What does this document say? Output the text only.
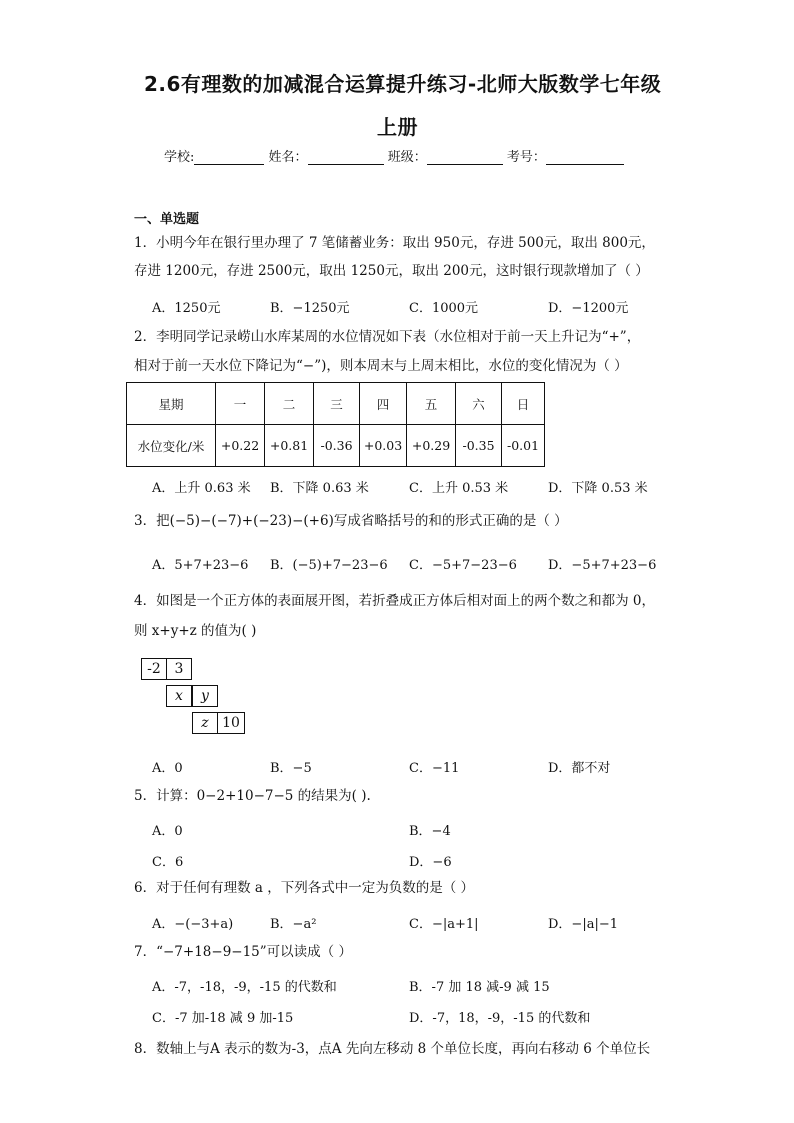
2.6有理数的加减混合运算提升练习-北师大版数学七年级
上册
学校:	姓名：	班级：	考号：
一、单选题
1．小明今年在银行里办理了 7 笔储蓄业务：取出 950元，存进 500元，取出 800元，
存进 1200元，存进 2500元，取出 1250元，取出 200元，这时银行现款增加了（ ）
A．1250元	B．−1250元	C．1000元	D．−1200元
2．李明同学记录崂山水库某周的水位情况如下表（水位相对于前一天上升记为“+”，
相对于前一天水位下降记为“−”)，则本周末与上周末相比，水位的变化情况为（ ）
星期	一	二	三	四	五	六	日
水位变化/米	+0.22	+0.81	-0.36	+0.03	+0.29	-0.35	-0.01
A．上升 0.63 米 B．下降 0.63 米	C．上升 0.53 米	D．下降 0.53 米
3．把(−5)−(−7)+(−23)−(+6)写成省略括号的和的形式正确的是（ ）
A．5+7+23−6 B．(−5)+7−23−6 C．−5+7−23−6 D．−5+7+23−6
4．如图是一个正方体的表面展开图，若折叠成正方体后相对面上的两个数之和都为 0，
则 x+y+z 的值为( )
-2 3
x	y
z 10
A．0	B．−5	C．−11	D．都不对
5．计算：0−2+10−7−5 的结果为( ).
A．0	B．−4
C．6	D．−6
6．对于任何有理数 a ，下列各式中一定为负数的是（ ）
A．−(−3+a)	B．−a²	C．−|a+1|	D．−|a|−1
7．“−7+18−9−15”可以读成（ ）
A．-7，-18，-9，-15 的代数和	B．-7 加 18 减-9 减 15
C．-7 加-18 减 9 加-15	D．-7，18，-9，-15 的代数和
8．数轴上与A 表示的数为-3，点A 先向左移动 8 个单位长度，再向右移动 6 个单位长
